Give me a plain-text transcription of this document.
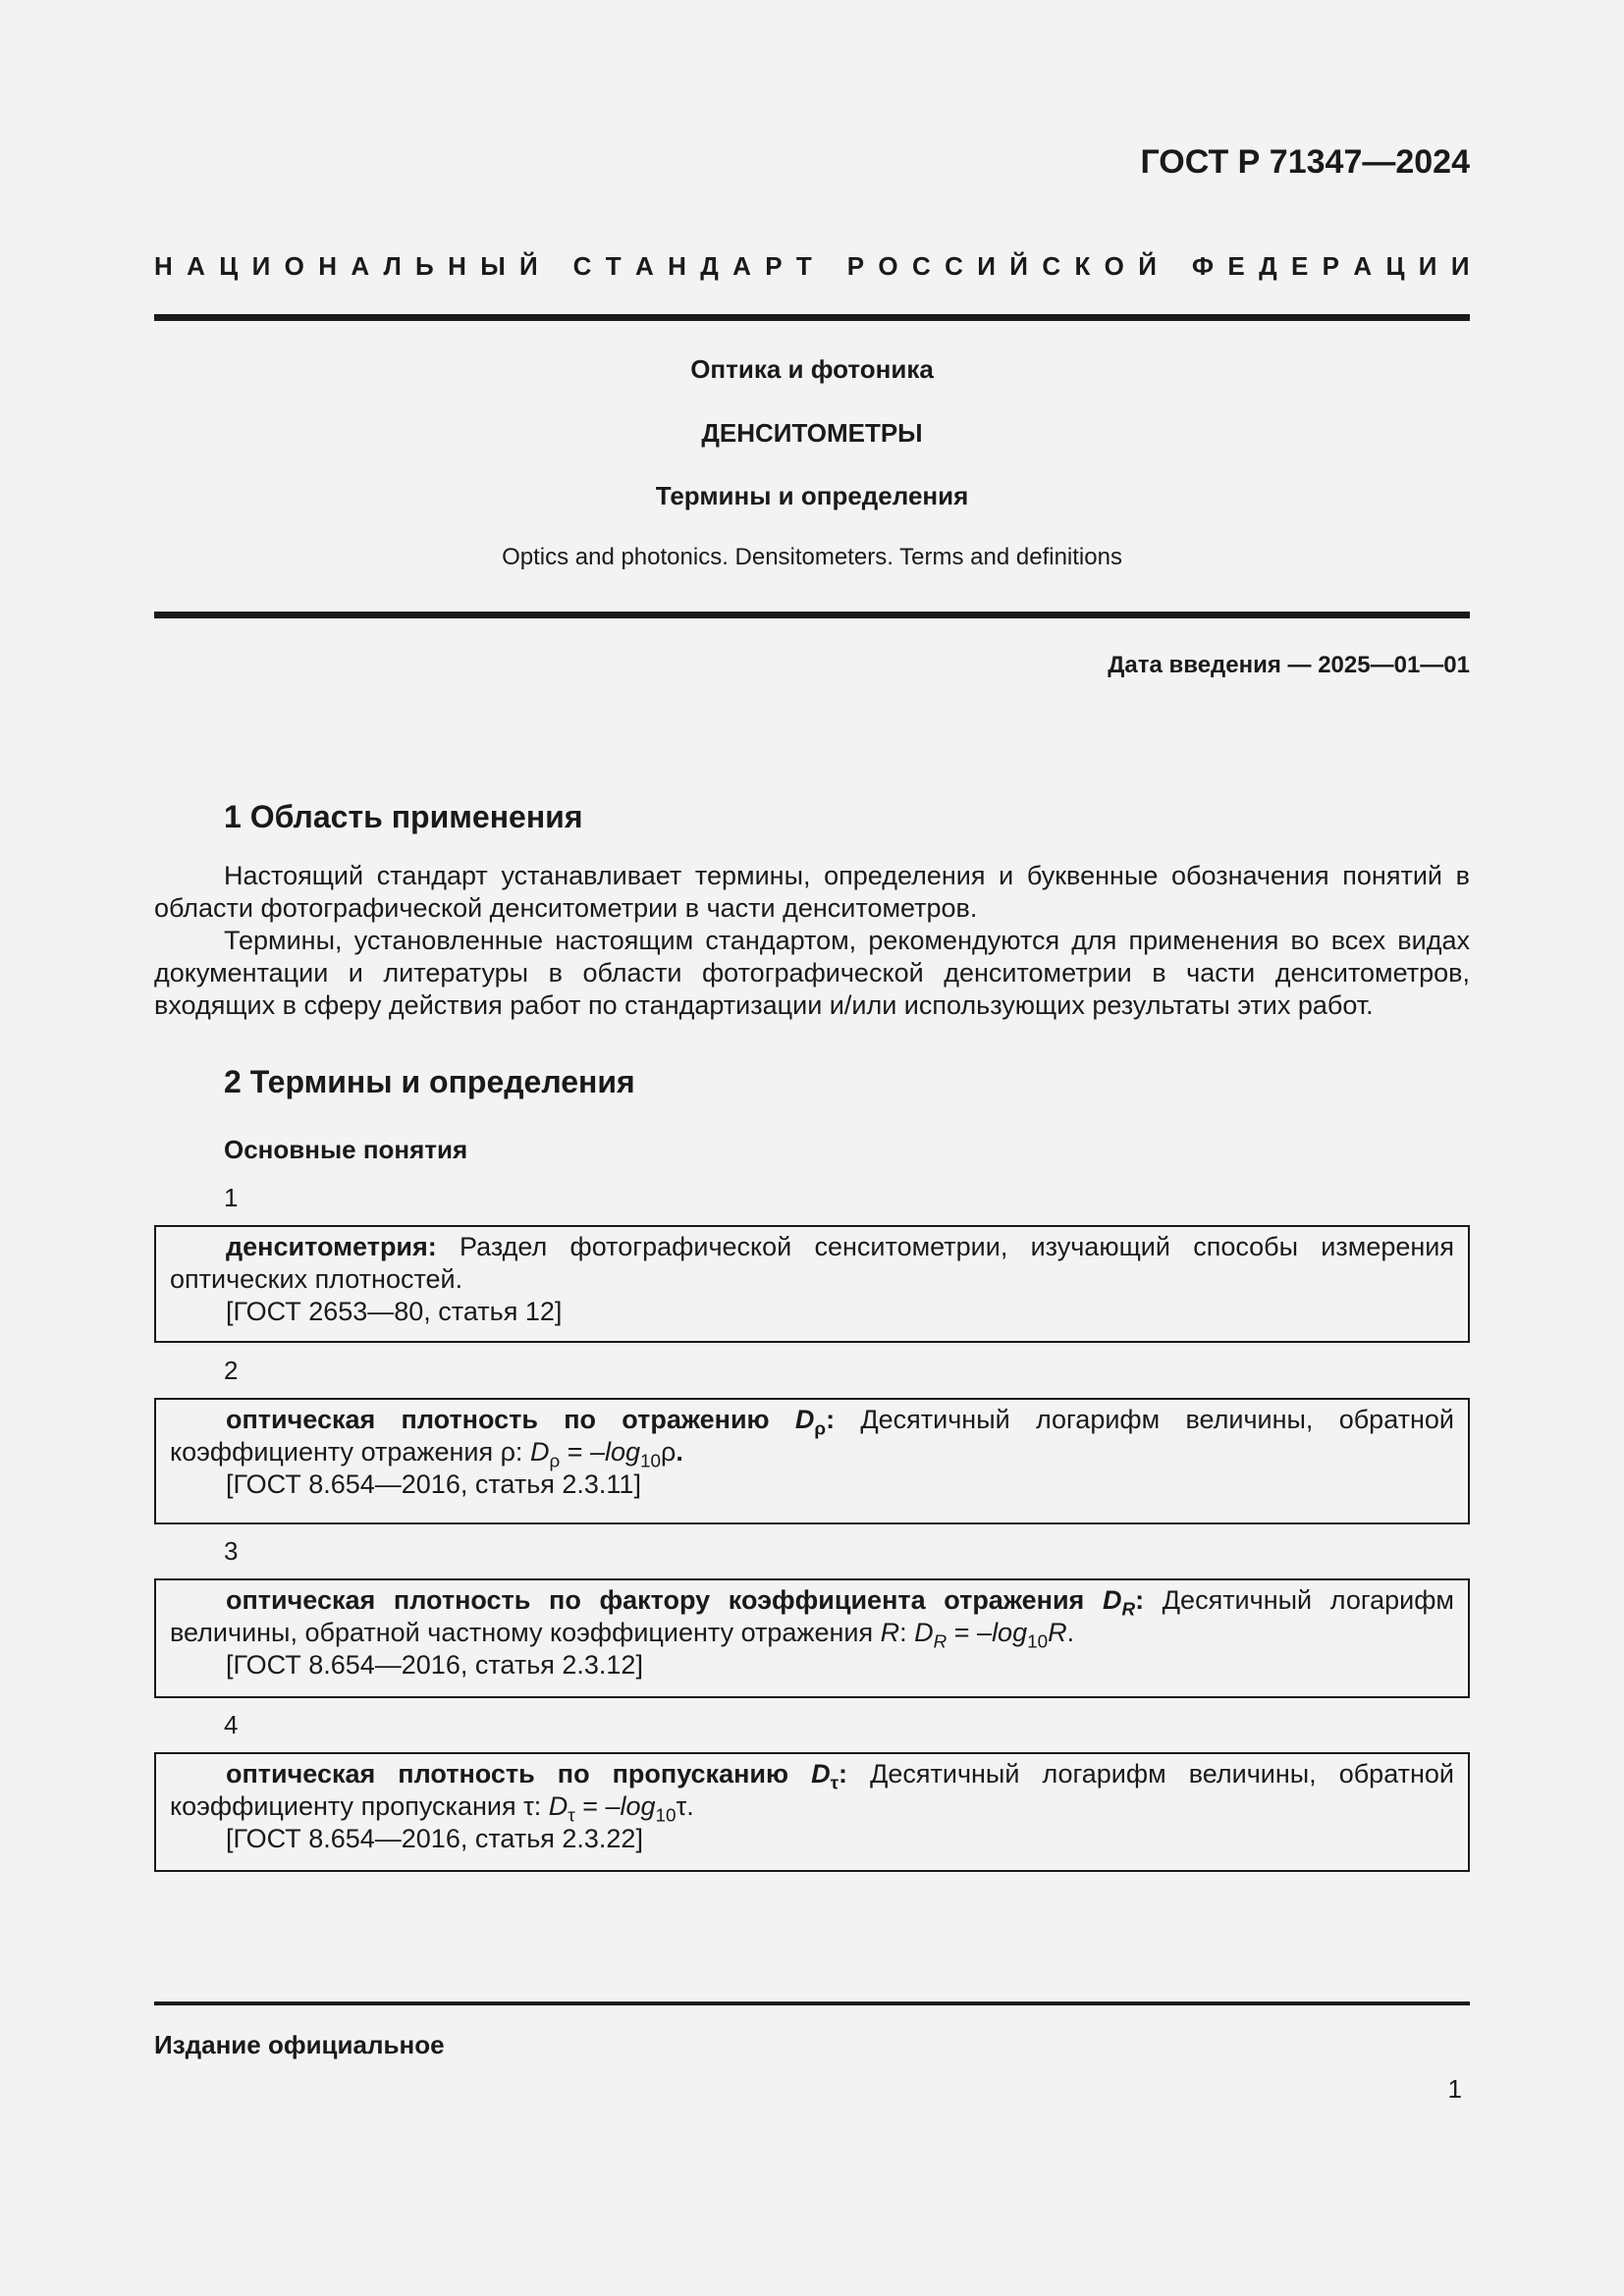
ГОСТ Р 71347—2024
Н А Ц И О Н А Л Ь Н Ы Й
С Т А Н Д А Р Т
Р О С С И Й С К О Й
Ф Е Д Е Р А Ц И И
Оптика и фотоника
ДЕНСИТОМЕТРЫ
Термины и определения
Optics and photonics. Densitometers. Terms and definitions
Дата введения — 2025—01—01
1 Область применения

Настоящий стандарт устанавливает термины, определения и буквенные обозначения понятий в области фотографической денситометрии в части денситометров.

Термины, установленные настоящим стандартом, рекомендуются для применения во всех видах документации и литературы в области фотографической денситометрии в части денситометров, входящих в сферу действия работ по стандартизации и/или использующих результаты этих работ.

2 Термины и определения
Основные понятия
1

денситометрия: Раздел фотографической сенситометрии, изучающий способы измерения оптических плотностей.

[ГОСТ 2653—80, статья 12]

2

оптическая плотность по отражению $D_\rho$: Десятичный логарифм величины, обратной коэффициенту отражения ρ: $D_\rho = -\log_{10}\rho$.

[ГОСТ 8.654—2016, статья 2.3.11]

3

оптическая плотность по фактору коэффициента отражения $D_R$: Десятичный логарифм величины, обратной частному коэффициенту отражения R: $D_R = -\log_{10}R$.

[ГОСТ 8.654—2016, статья 2.3.12]

4

оптическая плотность по пропусканию $D_\tau$: Десятичный логарифм величины, обратной коэффициенту пропускания τ: $D_\tau = -\log_{10}\tau$.

[ГОСТ 8.654—2016, статья 2.3.22]

Издание официальное
1
